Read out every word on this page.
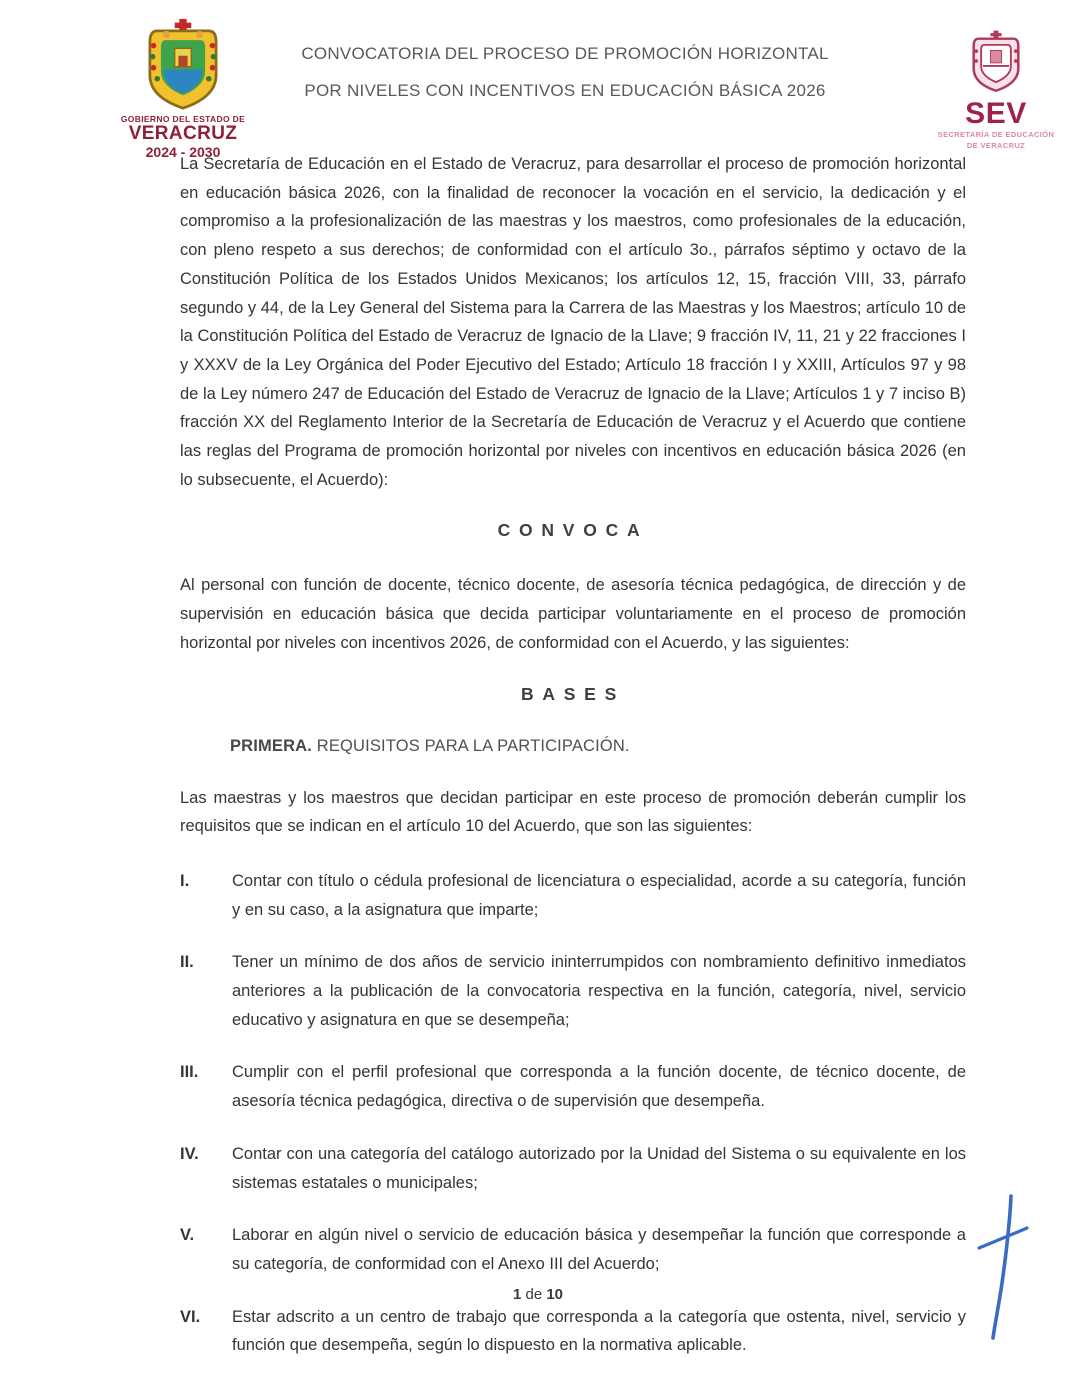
GOBIERNO DEL ESTADO DE
VERACRUZ
2024 - 2030
CONVOCATORIA DEL PROCESO DE PROMOCIÓN HORIZONTAL
POR NIVELES CON INCENTIVOS EN EDUCACIÓN BÁSICA 2026
SEV
SECRETARÍA DE EDUCACIÓN
DE VERACRUZ

La Secretaría de Educación en el Estado de Veracruz, para desarrollar el proceso de promoción horizontal en educación básica 2026, con la finalidad de reconocer la vocación en el servicio, la dedicación y el compromiso a la profesionalización de las maestras y los maestros, como profesionales de la educación, con pleno respeto a sus derechos; de conformidad con el artículo 3o., párrafos séptimo y octavo de la Constitución Política de los Estados Unidos Mexicanos; los artículos 12, 15, fracción VIII, 33, párrafo segundo y 44, de la Ley General del Sistema para la Carrera de las Maestras y los Maestros; artículo 10 de la Constitución Política del Estado de Veracruz de Ignacio de la Llave; 9 fracción IV, 11, 21 y 22 fracciones I y XXXV de la Ley Orgánica del Poder Ejecutivo del Estado; Artículo 18 fracción I y XXIII, Artículos 97 y 98 de la Ley número 247 de Educación del Estado de Veracruz de Ignacio de la Llave; Artículos 1 y 7 inciso B) fracción XX del Reglamento Interior de la Secretaría de Educación de Veracruz y el Acuerdo que contiene las reglas del Programa de promoción horizontal por niveles con incentivos en educación básica 2026 (en lo subsecuente, el Acuerdo):

CONVOCA

Al personal con función de docente, técnico docente, de asesoría técnica pedagógica, de dirección y de supervisión en educación básica que decida participar voluntariamente en el proceso de promoción horizontal por niveles con incentivos 2026, de conformidad con el Acuerdo, y las siguientes:

BASES

PRIMERA. REQUISITOS PARA LA PARTICIPACIÓN.

Las maestras y los maestros que decidan participar en este proceso de promoción deberán cumplir los requisitos que se indican en el artículo 10 del Acuerdo, que son las siguientes:

I.	Contar con título o cédula profesional de licenciatura o especialidad, acorde a su categoría, función y en su caso, a la asignatura que imparte;
II.	Tener un mínimo de dos años de servicio ininterrumpidos con nombramiento definitivo inmediatos anteriores a la publicación de la convocatoria respectiva en la función, categoría, nivel, servicio educativo y asignatura en que se desempeña;
III.	Cumplir con el perfil profesional que corresponda a la función docente, de técnico docente, de asesoría técnica pedagógica, directiva o de supervisión que desempeña.
IV.	Contar con una categoría del catálogo autorizado por la Unidad del Sistema o su equivalente en los sistemas estatales o municipales;
V.	Laborar en algún nivel o servicio de educación básica y desempeñar la función que corresponde a su categoría, de conformidad con el Anexo III del Acuerdo;
VI.	Estar adscrito a un centro de trabajo que corresponda a la categoría que ostenta, nivel, servicio y función que desempeña, según lo dispuesto en la normativa aplicable.
1 de 10
